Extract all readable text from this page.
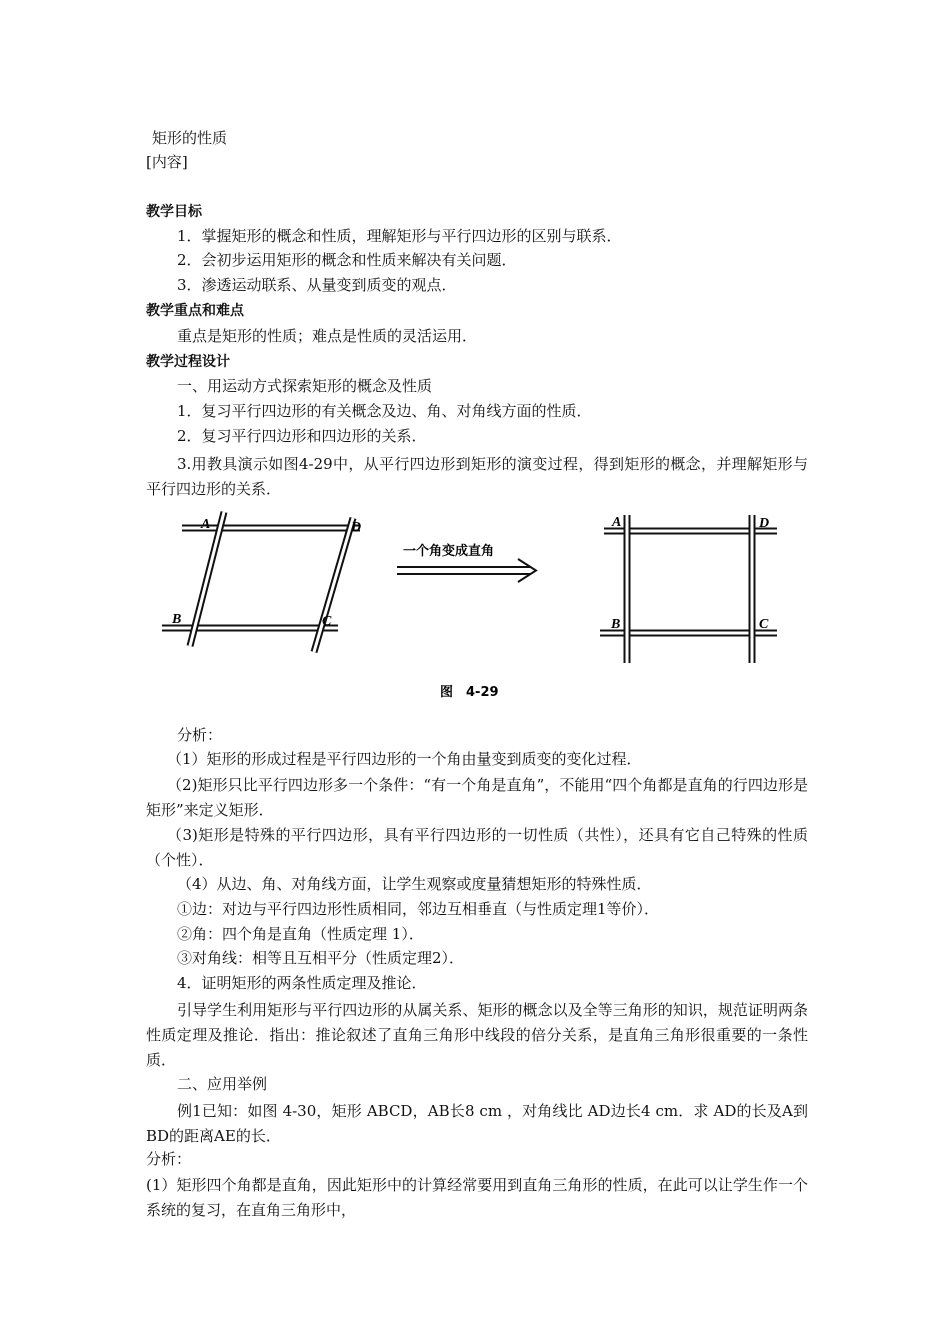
矩形的性质
[内容]
教学目标
1．掌握矩形的概念和性质，理解矩形与平行四边形的区别与联系．
2．会初步运用矩形的概念和性质来解决有关问题．
3．渗透运动联系、从量变到质变的观点．
教学重点和难点
重点是矩形的性质；难点是性质的灵活运用．
教学过程设计
一、用运动方式探索矩形的概念及性质
1．复习平行四边形的有关概念及边、角、对角线方面的性质．
2．复习平行四边形和四边形的关系．
3.用教具演示如图4-29中，从平行四边形到矩形的演变过程，得到矩形的概念，并理解矩形与平行四边形的关系．
A	D
B	C
一个角变成直角
A	D
B	C
图　4-29
分析：
（1）矩形的形成过程是平行四边形的一个角由量变到质变的变化过程．
（2)矩形只比平行四边形多一个条件：“有一个角是直角”，不能用“四个角都是直角的行四边形是矩形”来定义矩形．
（3)矩形是特殊的平行四边形，具有平行四边形的一切性质（共性），还具有它自己特殊的性质（个性）．
（4）从边、角、对角线方面，让学生观察或度量猜想矩形的特殊性质．
①边：对边与平行四边形性质相同，邻边互相垂直（与性质定理1等价）．
②角：四个角是直角（性质定理 1）．
③对角线：相等且互相平分（性质定理2）．
4．证明矩形的两条性质定理及推论．
引导学生利用矩形与平行四边形的从属关系、矩形的概念以及全等三角形的知识，规范证明两条性质定理及推论．指出：推论叙述了直角三角形中线段的倍分关系，是直角三角形很重要的一条性质．
二、应用举例
例1已知：如图 4-30，矩形 ABCD，AB长8 cm ，对角线比 AD边长4 cm．求 AD的长及A到BD的距离AE的长．
分析：
(1）矩形四个角都是直角，因此矩形中的计算经常要用到直角三角形的性质，在此可以让学生作一个系统的复习，在直角三角形中，
